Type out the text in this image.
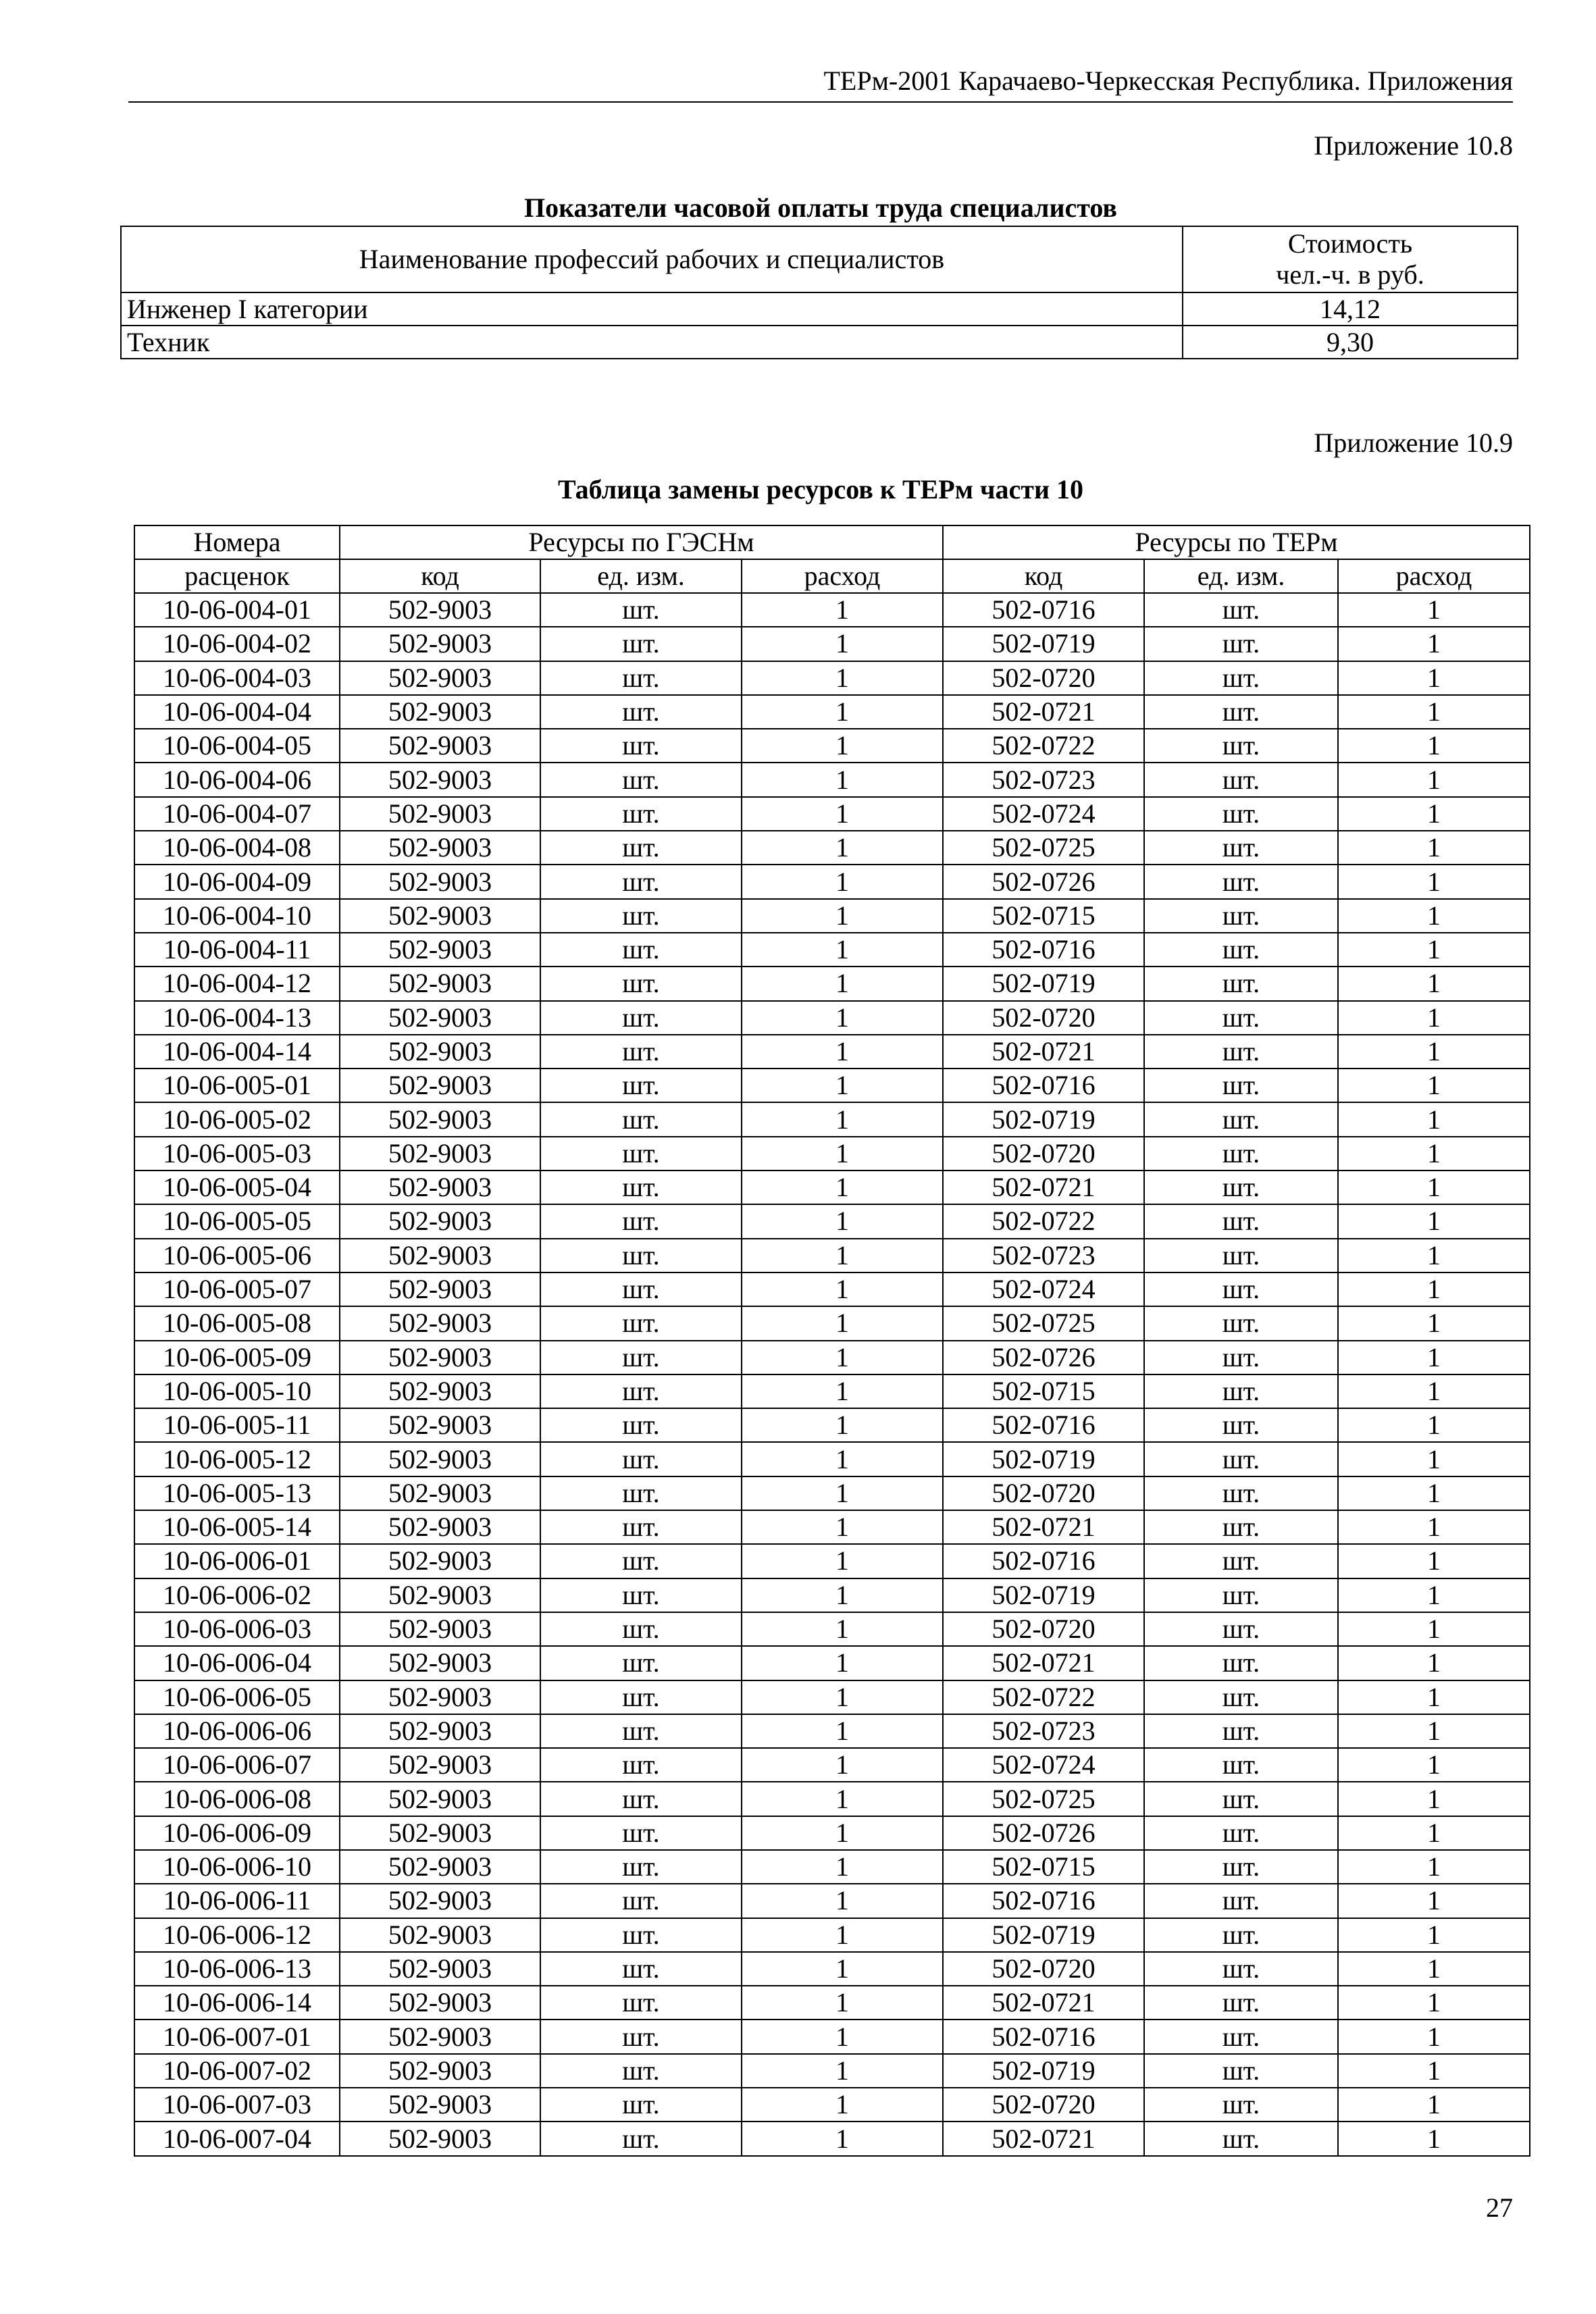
ТЕРм-2001 Карачаево-Черкесская Республика. Приложения
Приложение 10.8
Показатели часовой оплаты труда специалистов
Наименование профессий рабочих и специалистов	Стоимость
чел.-ч. в руб.

Инженер I категории	14,12
Техник	9,30
Приложение 10.9
Таблица замены ресурсов к ТЕРм части 10
Номера	Ресурсы по ГЭСНм			Ресурсы по ТЕРм		
расценок	код	ед. изм.	расход	код	ед. изм.	расход
10-06-004-01	502-9003	шт.	1	502-0716	шт.	1
10-06-004-02	502-9003	шт.	1	502-0719	шт.	1
10-06-004-03	502-9003	шт.	1	502-0720	шт.	1
10-06-004-04	502-9003	шт.	1	502-0721	шт.	1
10-06-004-05	502-9003	шт.	1	502-0722	шт.	1
10-06-004-06	502-9003	шт.	1	502-0723	шт.	1
10-06-004-07	502-9003	шт.	1	502-0724	шт.	1
10-06-004-08	502-9003	шт.	1	502-0725	шт.	1
10-06-004-09	502-9003	шт.	1	502-0726	шт.	1
10-06-004-10	502-9003	шт.	1	502-0715	шт.	1
10-06-004-11	502-9003	шт.	1	502-0716	шт.	1
10-06-004-12	502-9003	шт.	1	502-0719	шт.	1
10-06-004-13	502-9003	шт.	1	502-0720	шт.	1
10-06-004-14	502-9003	шт.	1	502-0721	шт.	1
10-06-005-01	502-9003	шт.	1	502-0716	шт.	1
10-06-005-02	502-9003	шт.	1	502-0719	шт.	1
10-06-005-03	502-9003	шт.	1	502-0720	шт.	1
10-06-005-04	502-9003	шт.	1	502-0721	шт.	1
10-06-005-05	502-9003	шт.	1	502-0722	шт.	1
10-06-005-06	502-9003	шт.	1	502-0723	шт.	1
10-06-005-07	502-9003	шт.	1	502-0724	шт.	1
10-06-005-08	502-9003	шт.	1	502-0725	шт.	1
10-06-005-09	502-9003	шт.	1	502-0726	шт.	1
10-06-005-10	502-9003	шт.	1	502-0715	шт.	1
10-06-005-11	502-9003	шт.	1	502-0716	шт.	1
10-06-005-12	502-9003	шт.	1	502-0719	шт.	1
10-06-005-13	502-9003	шт.	1	502-0720	шт.	1
10-06-005-14	502-9003	шт.	1	502-0721	шт.	1
10-06-006-01	502-9003	шт.	1	502-0716	шт.	1
10-06-006-02	502-9003	шт.	1	502-0719	шт.	1
10-06-006-03	502-9003	шт.	1	502-0720	шт.	1
10-06-006-04	502-9003	шт.	1	502-0721	шт.	1
10-06-006-05	502-9003	шт.	1	502-0722	шт.	1
10-06-006-06	502-9003	шт.	1	502-0723	шт.	1
10-06-006-07	502-9003	шт.	1	502-0724	шт.	1
10-06-006-08	502-9003	шт.	1	502-0725	шт.	1
10-06-006-09	502-9003	шт.	1	502-0726	шт.	1
10-06-006-10	502-9003	шт.	1	502-0715	шт.	1
10-06-006-11	502-9003	шт.	1	502-0716	шт.	1
10-06-006-12	502-9003	шт.	1	502-0719	шт.	1
10-06-006-13	502-9003	шт.	1	502-0720	шт.	1
10-06-006-14	502-9003	шт.	1	502-0721	шт.	1
10-06-007-01	502-9003	шт.	1	502-0716	шт.	1
10-06-007-02	502-9003	шт.	1	502-0719	шт.	1
10-06-007-03	502-9003	шт.	1	502-0720	шт.	1
10-06-007-04	502-9003	шт.	1	502-0721	шт.	1
27
